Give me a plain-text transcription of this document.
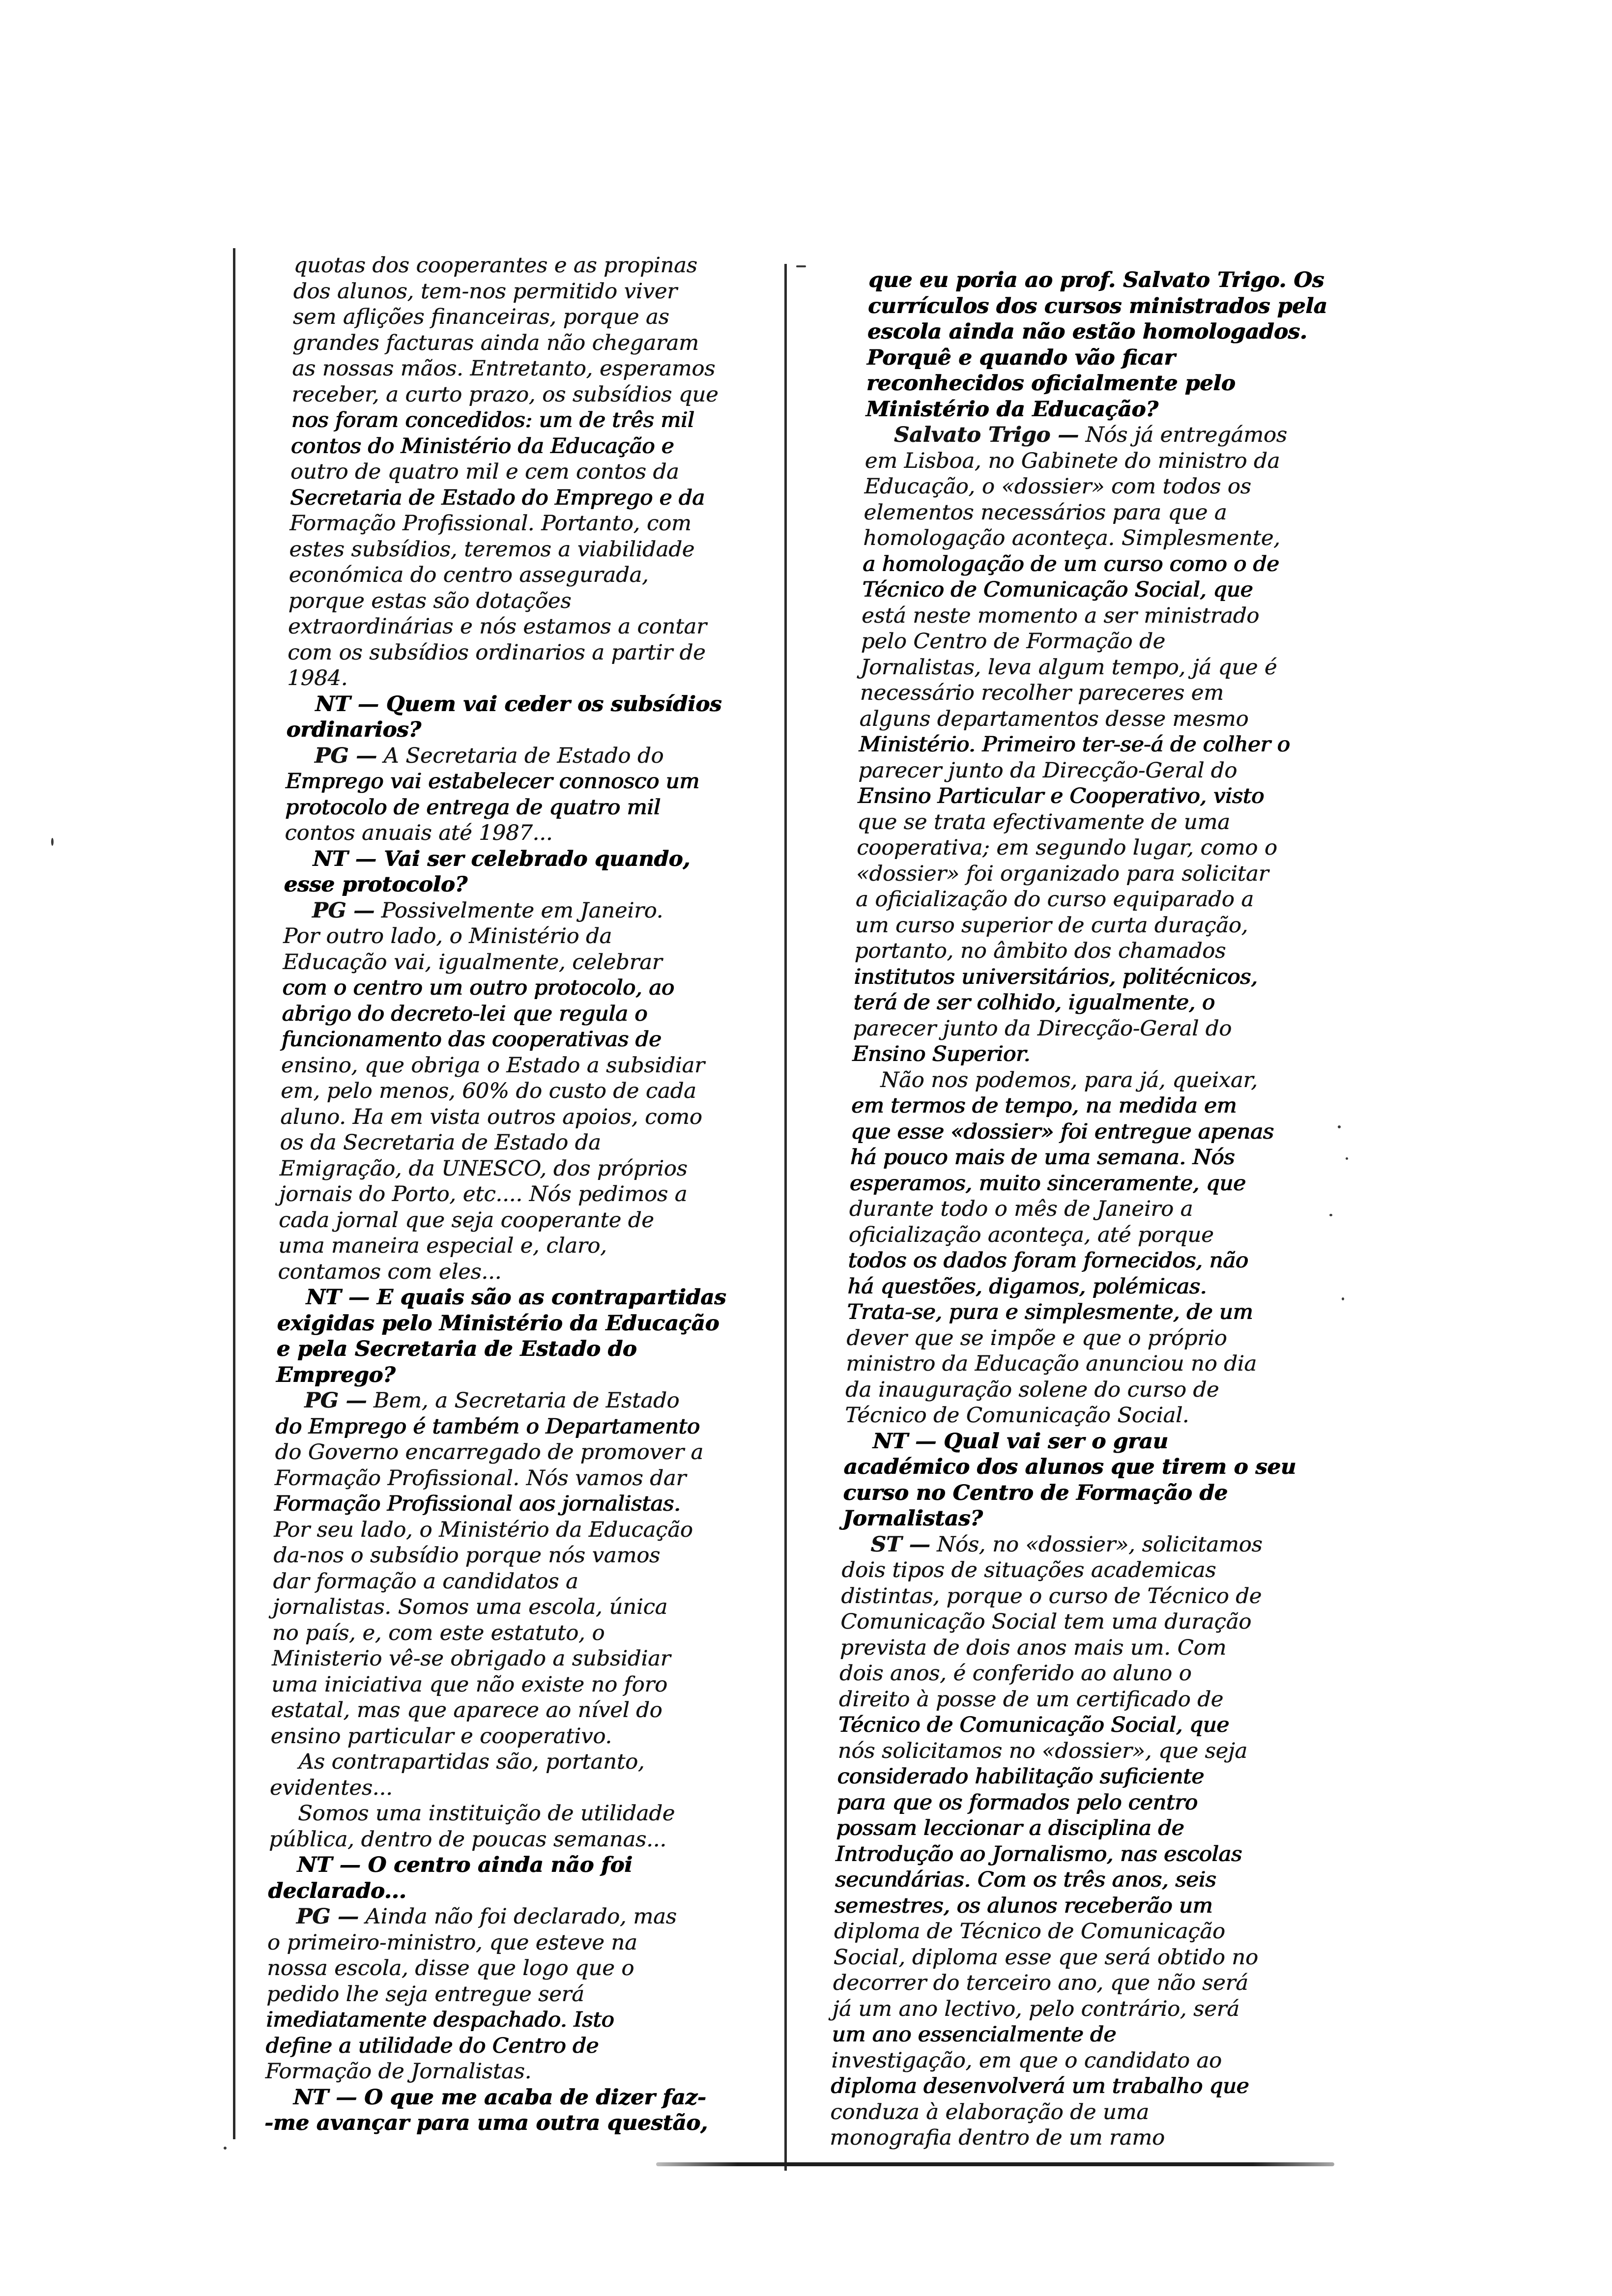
quotas dos cooperantes e as propinas
dos alunos, tem-nos permitido viver
sem aflições financeiras, porque as
grandes facturas ainda não chegaram
as nossas mãos. Entretanto, esperamos
receber, a curto prazo, os subsídios que
nos foram concedidos: um de três mil
contos do Ministério da Educação e
outro de quatro mil e cem contos da
Secretaria de Estado do Emprego e da
Formação Profissional. Portanto, com
estes subsídios, teremos a viabilidade
económica do centro assegurada,
porque estas são dotações
extraordinárias e nós estamos a contar
com os subsídios ordinarios a partir de
1984.
NT — Quem vai ceder os subsídios
ordinarios?
PG — A Secretaria de Estado do
Emprego vai estabelecer connosco um
protocolo de entrega de quatro mil
contos anuais até 1987...
NT — Vai ser celebrado quando,
esse protocolo?
PG — Possivelmente em Janeiro.
Por outro lado, o Ministério da
Educação vai, igualmente, celebrar
com o centro um outro protocolo, ao
abrigo do decreto-lei que regula o
funcionamento das cooperativas de
ensino, que obriga o Estado a subsidiar
em, pelo menos, 60% do custo de cada
aluno. Ha em vista outros apoios, como
os da Secretaria de Estado da
Emigração, da UNESCO, dos próprios
jornais do Porto, etc.... Nós pedimos a
cada jornal que seja cooperante de
uma maneira especial e, claro,
contamos com eles...
NT — E quais são as contrapartidas
exigidas pelo Ministério da Educação
e pela Secretaria de Estado do
Emprego?
PG — Bem, a Secretaria de Estado
do Emprego é também o Departamento
do Governo encarregado de promover a
Formação Profissional. Nós vamos dar
Formação Profissional aos jornalistas.
Por seu lado, o Ministério da Educação
da-nos o subsídio porque nós vamos
dar formação a candidatos a
jornalistas. Somos uma escola, única
no país, e, com este estatuto, o
Ministerio vê-se obrigado a subsidiar
uma iniciativa que não existe no foro
estatal, mas que aparece ao nível do
ensino particular e cooperativo.
As contrapartidas são, portanto,
evidentes...
Somos uma instituição de utilidade
pública, dentro de poucas semanas...
NT — O centro ainda não foi
declarado...
PG — Ainda não foi declarado, mas
o primeiro-ministro, que esteve na
nossa escola, disse que logo que o
pedido lhe seja entregue será
imediatamente despachado. Isto
define a utilidade do Centro de
Formação de Jornalistas.
NT — O que me acaba de dizer faz-
-me avançar para uma outra questão,
que eu poria ao prof. Salvato Trigo. Os
currículos dos cursos ministrados pela
escola ainda não estão homologados.
Porquê e quando vão ficar
reconhecidos oficialmente pelo
Ministério da Educação?
Salvato Trigo — Nós já entregámos
em Lisboa, no Gabinete do ministro da
Educação, o «dossier» com todos os
elementos necessários para que a
homologação aconteça. Simplesmente,
a homologação de um curso como o de
Técnico de Comunicação Social, que
está neste momento a ser ministrado
pelo Centro de Formação de
Jornalistas, leva algum tempo, já que é
necessário recolher pareceres em
alguns departamentos desse mesmo
Ministério. Primeiro ter-se-á de colher o
parecer junto da Direcção-Geral do
Ensino Particular e Cooperativo, visto
que se trata efectivamente de uma
cooperativa; em segundo lugar, como o
«dossier» foi organizado para solicitar
a oficialização do curso equiparado a
um curso superior de curta duração,
portanto, no âmbito dos chamados
institutos universitários, politécnicos,
terá de ser colhido, igualmente, o
parecer junto da Direcção-Geral do
Ensino Superior.
Não nos podemos, para já, queixar,
em termos de tempo, na medida em
que esse «dossier» foi entregue apenas
há pouco mais de uma semana. Nós
esperamos, muito sinceramente, que
durante todo o mês de Janeiro a
oficialização aconteça, até porque
todos os dados foram fornecidos, não
há questões, digamos, polémicas.
Trata-se, pura e simplesmente, de um
dever que se impõe e que o próprio
ministro da Educação anunciou no dia
da inauguração solene do curso de
Técnico de Comunicação Social.
NT — Qual vai ser o grau
académico dos alunos que tirem o seu
curso no Centro de Formação de
Jornalistas?
ST — Nós, no «dossier», solicitamos
dois tipos de situações academicas
distintas, porque o curso de Técnico de
Comunicação Social tem uma duração
prevista de dois anos mais um. Com
dois anos, é conferido ao aluno o
direito à posse de um certificado de
Técnico de Comunicação Social, que
nós solicitamos no «dossier», que seja
considerado habilitação suficiente
para que os formados pelo centro
possam leccionar a disciplina de
Introdução ao Jornalismo, nas escolas
secundárias. Com os três anos, seis
semestres, os alunos receberão um
diploma de Técnico de Comunicação
Social, diploma esse que será obtido no
decorrer do terceiro ano, que não será
já um ano lectivo, pelo contrário, será
um ano essencialmente de
investigação, em que o candidato ao
diploma desenvolverá um trabalho que
conduza à elaboração de uma
monografia dentro de um ramo
